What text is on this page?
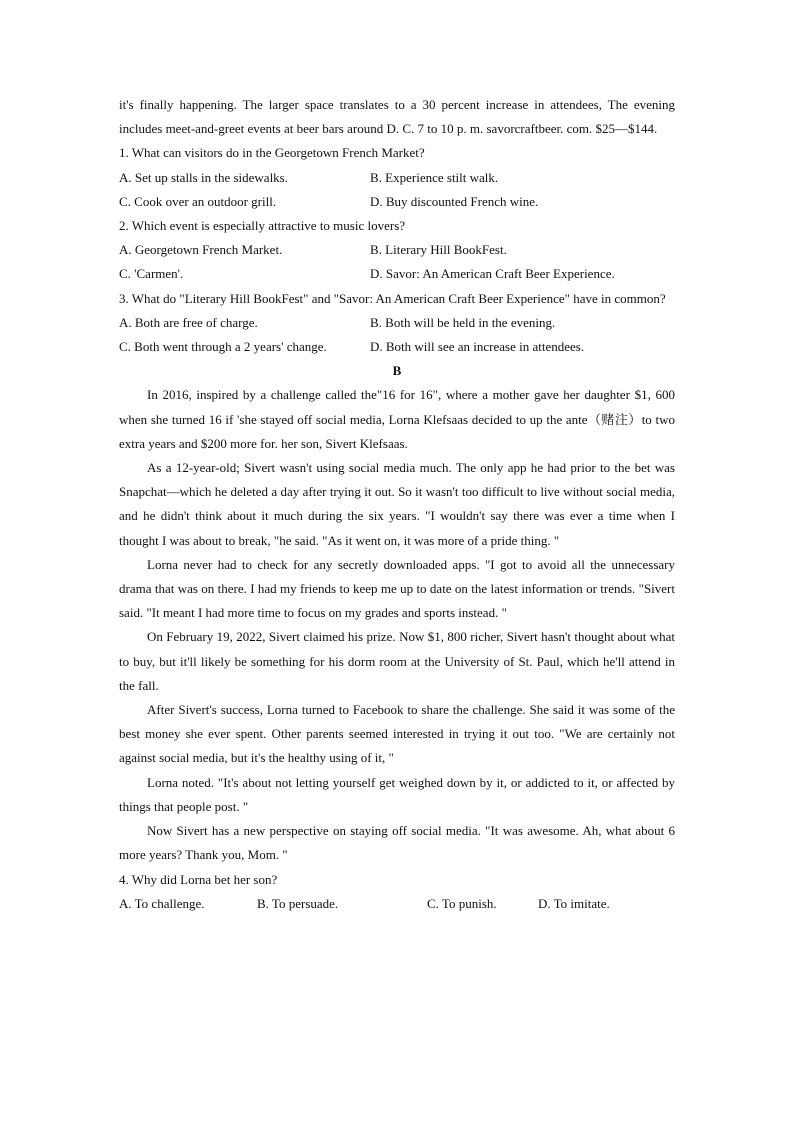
it's finally happening. The larger space translates to a 30 percent increase in attendees, The evening includes meet-and-greet events at beer bars around D. C. 7 to 10 p. m. savorcraftbeer. com. $25—$144.

1. What can visitors do in the Georgetown French Market?

A. Set up stalls in the sidewalks.	B. Experience stilt walk.
C. Cook over an outdoor grill.	D. Buy discounted French wine.

2. Which event is especially attractive to music lovers?

A. Georgetown French Market.	B. Literary Hill BookFest.
C. 'Carmen'.	D. Savor: An American Craft Beer Experience.

3. What do "Literary Hill BookFest" and "Savor: An American Craft Beer Experience" have in common?

A. Both are free of charge.	B. Both will be held in the evening.
C. Both went through a 2 years' change.	D. Both will see an increase in attendees.

B

In 2016, inspired by a challenge called the"16 for 16", where a mother gave her daughter $1, 600 when she turned 16 if 'she stayed off social media, Lorna Klefsaas decided to up the ante（赌注）to two extra years and $200 more for. her son, Sivert Klefsaas.

As a 12-year-old; Sivert wasn't using social media much. The only app he had prior to the bet was Snapchat—which he deleted a day after trying it out. So it wasn't too difficult to live without social media, and he didn't think about it much during the six years. "I wouldn't say there was ever a time when I thought I was about to break, "he said. "As it went on, it was more of a pride thing. "

Lorna never had to check for any secretly downloaded apps. "I got to avoid all the unnecessary drama that was on there. I had my friends to keep me up to date on the latest information or trends. "Sivert said. "It meant I had more time to focus on my grades and sports instead. "

On February 19, 2022, Sivert claimed his prize. Now $1, 800 richer, Sivert hasn't thought about what to buy, but it'll likely be something for his dorm room at the University of St. Paul, which he'll attend in the fall.

After Sivert's success, Lorna turned to Facebook to share the challenge. She said it was some of the best money she ever spent. Other parents seemed interested in trying it out too. "We are certainly not against social media, but it's the healthy using of it, "

Lorna noted. "It's about not letting yourself get weighed down by it, or addicted to it, or affected by things that people post. "

Now Sivert has a new perspective on staying off social media. "It was awesome. Ah, what about 6 more years? Thank you, Mom. "

4. Why did Lorna bet her son?

A. To challenge.	B. To persuade.	C. To punish.	D. To imitate.
